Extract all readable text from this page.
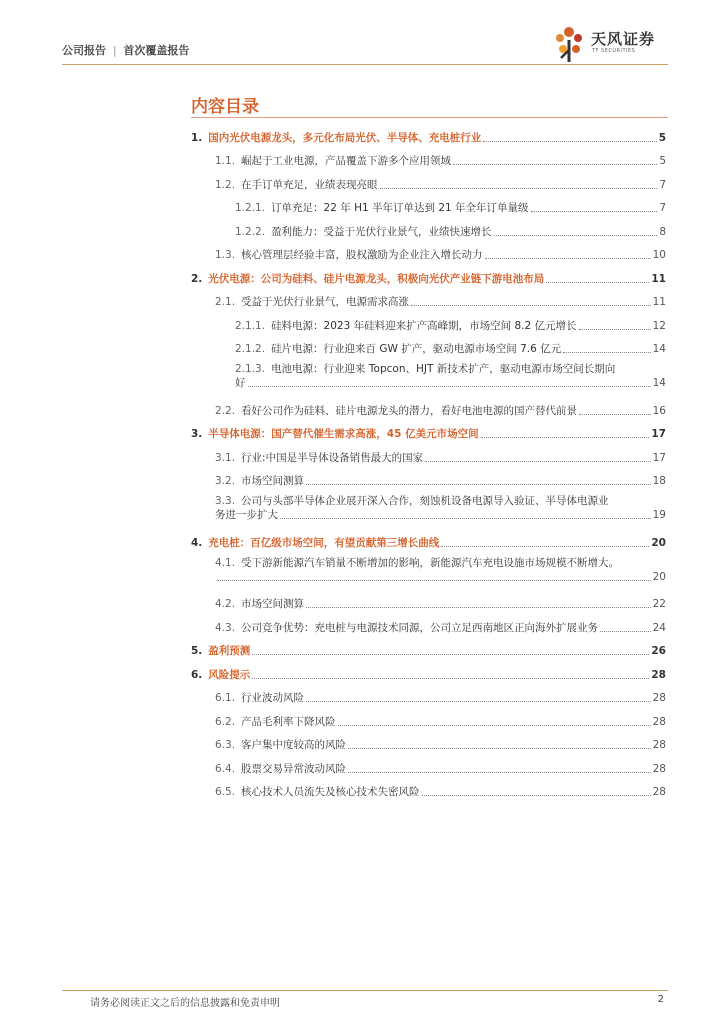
公司报告 | 首次覆盖报告
天风证券
TF SECURITIES
内容目录
1. 国内光伏电源龙头，多元化布局光伏、半导体、充电桩行业	5
1.1. 崛起于工业电源，产品覆盖下游多个应用领域	5
1.2. 在手订单充足，业绩表现亮眼	7
1.2.1. 订单充足：22 年 H1 半年订单达到 21 年全年订单量级	7
1.2.2. 盈利能力：受益于光伏行业景气，业绩快速增长	8
1.3. 核心管理层经验丰富，股权激励为企业注入增长动力	10
2. 光伏电源：公司为硅料、硅片电源龙头，积极向光伏产业链下游电池布局	11
2.1. 受益于光伏行业景气，电源需求高涨	11
2.1.1. 硅料电源：2023 年硅料迎来扩产高峰期，市场空间 8.2 亿元增长	12
2.1.2. 硅片电源：行业迎来百 GW 扩产，驱动电源市场空间 7.6 亿元	14
2.1.3. 电池电源：行业迎来 Topcon、HJT 新技术扩产，驱动电源市场空间长期向
好	14
2.2. 看好公司作为硅料、硅片电源龙头的潜力，看好电池电源的国产替代前景	16
3. 半导体电源：国产替代催生需求高涨，45 亿美元市场空间	17
3.1. 行业:中国是半导体设备销售最大的国家	17
3.2. 市场空间测算	18
3.3. 公司与头部半导体企业展开深入合作，刻蚀机设备电源导入验证、半导体电源业
务进一步扩大	19
4. 充电桩：百亿级市场空间，有望贡献第三增长曲线	20
4.1. 受下游新能源汽车销量不断增加的影响，新能源汽车充电设施市场规模不断增大。
20
4.2. 市场空间测算	22
4.3. 公司竞争优势：充电桩与电源技术同源，公司立足西南地区正向海外扩展业务	24
5. 盈利预测	26
6. 风险提示	28
6.1. 行业波动风险	28
6.2. 产品毛利率下降风险	28
6.3. 客户集中度较高的风险	28
6.4. 股票交易异常波动风险	28
6.5. 核心技术人员流失及核心技术失密风险	28
请务必阅读正文之后的信息披露和免责申明	2
